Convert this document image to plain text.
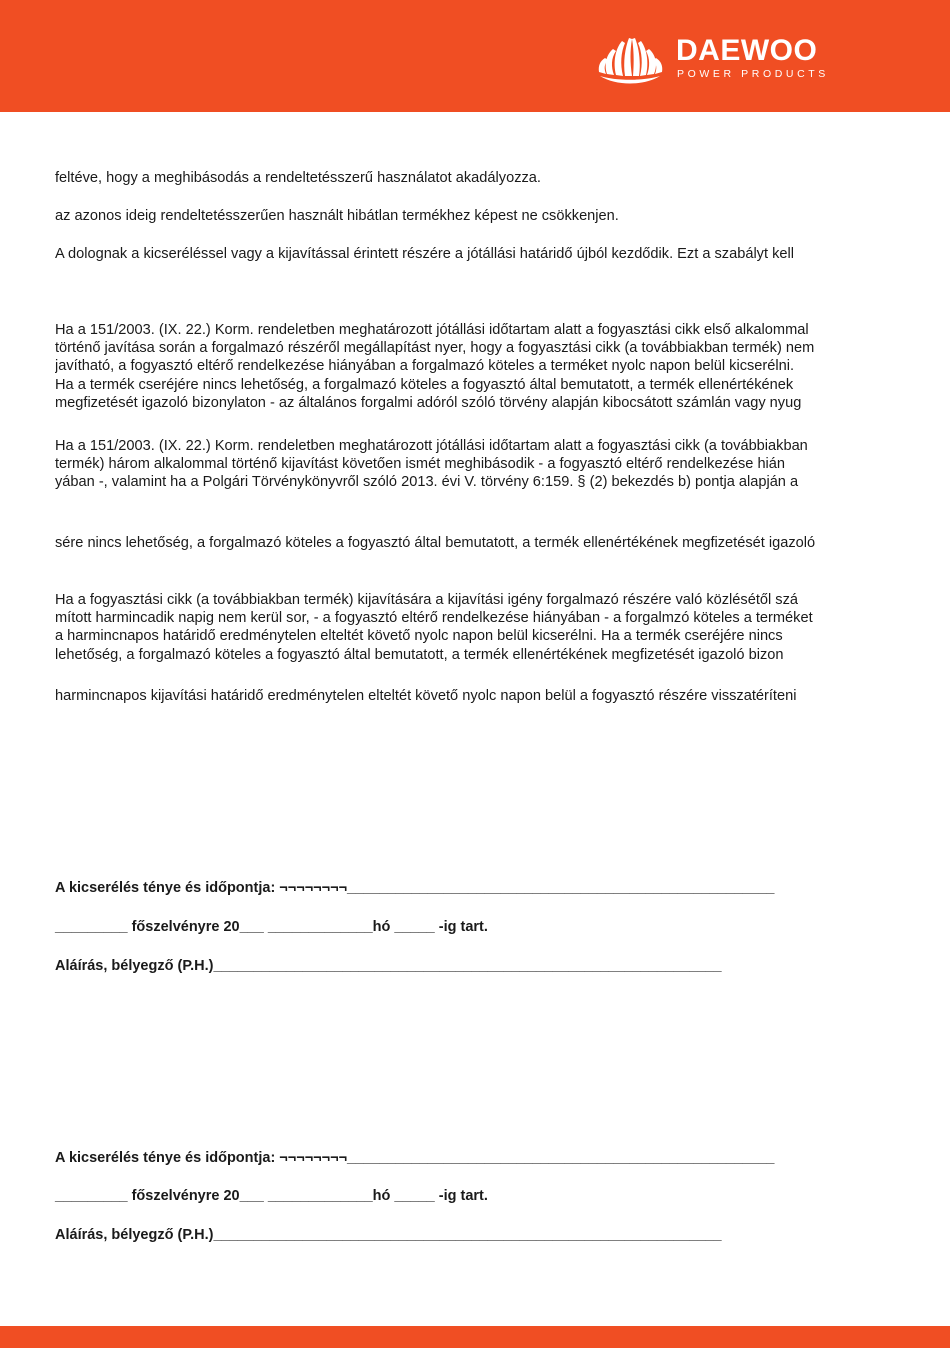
DAEWOO
POWER PRODUCTS
feltéve, hogy a meghibásodás a rendeltetésszerű használatot akadályozza.
az azonos ideig rendeltetésszerűen használt hibátlan termékhez képest ne csökkenjen.
A dolognak a kicseréléssel vagy a kijavítással érintett részére a jótállási határidő újból kezdődik. Ezt a szabályt kell
Ha a 151/2003. (IX. 22.) Korm. rendeletben meghatározott jótállási időtartam alatt a fogyasztási cikk első alkalommal
történő javítása során a forgalmazó részéről megállapítást nyer, hogy a fogyasztási cikk (a továbbiakban termék) nem
javítható, a fogyasztó eltérő rendelkezése hiányában a forgalmazó köteles a terméket nyolc napon belül kicserélni.
Ha a termék cseréjére nincs lehetőség, a forgalmazó köteles a fogyasztó által bemutatott, a termék ellenértékének
megfizetését igazoló bizonylaton - az általános forgalmi adóról szóló törvény alapján kibocsátott számlán vagy nyug
Ha a 151/2003. (IX. 22.) Korm. rendeletben meghatározott jótállási időtartam alatt a fogyasztási cikk (a továbbiakban
termék) három alkalommal történő kijavítást követően ismét meghibásodik - a fogyasztó eltérő rendelkezése hián
yában -, valamint ha a Polgári Törvénykönyvről szóló 2013. évi V. törvény 6:159. § (2) bekezdés b) pontja alapján a
sére nincs lehetőség, a forgalmazó köteles a fogyasztó által bemutatott, a termék ellenértékének megfizetését igazoló
Ha a fogyasztási cikk (a továbbiakban termék) kijavítására a kijavítási igény forgalmazó részére való közlésétől szá
mított harmincadik napig nem kerül sor, - a fogyasztó eltérő rendelkezése hiányában - a forgalmzó köteles a terméket
a harmincnapos határidő eredménytelen elteltét követő nyolc napon belül kicserélni. Ha a termék cseréjére nincs
lehetőség, a forgalmazó köteles a fogyasztó által bemutatott, a termék ellenértékének megfizetését igazoló bizon
harmincnapos kijavítási határidő eredménytelen elteltét követő nyolc napon belül a fogyasztó részére visszatéríteni
A kicserélés ténye és időpontja: ¬¬¬¬¬¬¬¬_____________________________________________________
_________ főszelvényre 20___ _____________hó _____ -ig tart.
Aláírás, bélyegző (P.H.)_______________________________________________________________
A kicserélés ténye és időpontja: ¬¬¬¬¬¬¬¬_____________________________________________________
_________ főszelvényre 20___ _____________hó _____ -ig tart.
Aláírás, bélyegző (P.H.)_______________________________________________________________
